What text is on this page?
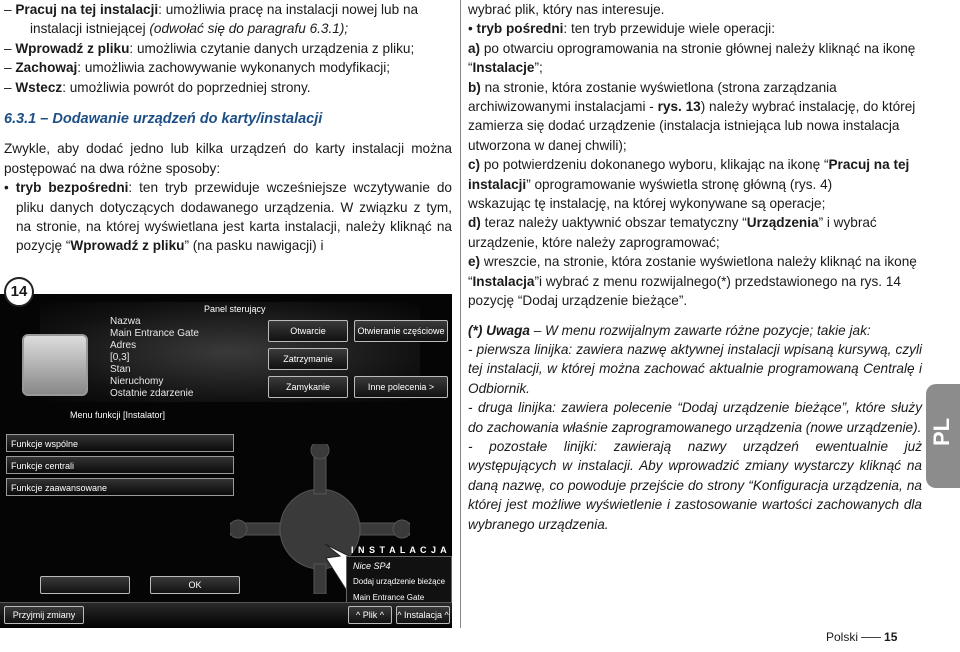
– Pracuj na tej instalacji: umożliwia pracę na instalacji nowej lub na instalacji istniejącej (odwołać się do paragrafu 6.3.1);

– Wprowadź z pliku: umożliwia czytanie danych urządzenia z pliku;

– Zachowaj: umożliwia zachowywanie wykonanych modyfikacji;

– Wstecz: umożliwia powrót do poprzedniej strony.

6.3.1 – Dodawanie urządzeń do karty/instalacji

Zwykle, aby dodać jedno lub kilka urządzeń do karty instalacji można postępować na dwa różne sposoby:

• tryb bezpośredni: ten tryb przewiduje wcześniejsze wczytywanie do pliku danych dotyczących dodawanego urządzenia. W związku z tym, na stronie, na której wyświetlana jest karta instalacji, należy kliknąć na pozycję “Wprowadź z pliku” (na pasku nawigacji) i

14
Panel sterujący
Nazwa
Main Entrance Gate
Adres
[0,3]
Stan
Nieruchomy
Ostatnie zdarzenie
Otwarcie	Otwieranie częściowe
Zatrzymanie
Zamykanie	Inne polecenia >
Menu funkcji [Instalator]
Funkcje wspólne
Funkcje centrali
Funkcje zaawansowane
OK
I N S T A L A C J A
Nice SP4
Dodaj urządzenie bieżące
Main Entrance Gate
Przyjmij zmiany	^ Plik ^	^ Instalacja ^

wybrać plik, który nas interesuje.

• tryb pośredni: ten tryb przewiduje wiele operacji:

a) po otwarciu oprogramowania na stronie głównej należy kliknąć na ikonę “Instalacje”;

b) na stronie, która zostanie wyświetlona (strona zarządzania archiwizowanymi instalacjami - rys. 13) należy wybrać instalację, do której zamierza się dodać urządzenie (instalacja istniejąca lub nowa instalacja utworzona w danej chwili);

c) po potwierdzeniu dokonanego wyboru, klikając na ikonę “Pracuj na tej instalacji” oprogramowanie wyświetla stronę główną (rys. 4)

wskazując tę instalację, na której wykonywane są operacje;

d) teraz należy uaktywnić obszar tematyczny “Urządzenia” i wybrać urządzenie, które należy zaprogramować;

e) wreszcie, na stronie, która zostanie wyświetlona należy kliknąć na ikonę “Instalacja”i wybrać z menu rozwijalnego(*) przedstawionego na rys. 14 pozycję “Dodaj urządzenie bieżące”.

(*) Uwaga – W menu rozwijalnym zawarte różne pozycje; takie jak:

- pierwsza linijka: zawiera nazwę aktywnej instalacji wpisaną kursywą, czyli tej instalacji, w której można zachować aktualnie programowaną Centralę i Odbiornik.

- druga linijka: zawiera polecenie “Dodaj urządzenie bieżące”, które służy do zachowania właśnie zaprogramowanego urządzenia (nowe urządzenie).

- pozostałe linijki: zawierają nazwy urządzeń ewentualnie już występujących w instalacji. Aby wprowadzić zmiany wystarczy kliknąć na daną nazwę, co powoduje przejście do strony “Konfiguracja urządzenia, na której jest możliwe wyświetlenie i zastosowanie wartości zachowanych dla wybranego urządzenia.

PL
Polski 15
